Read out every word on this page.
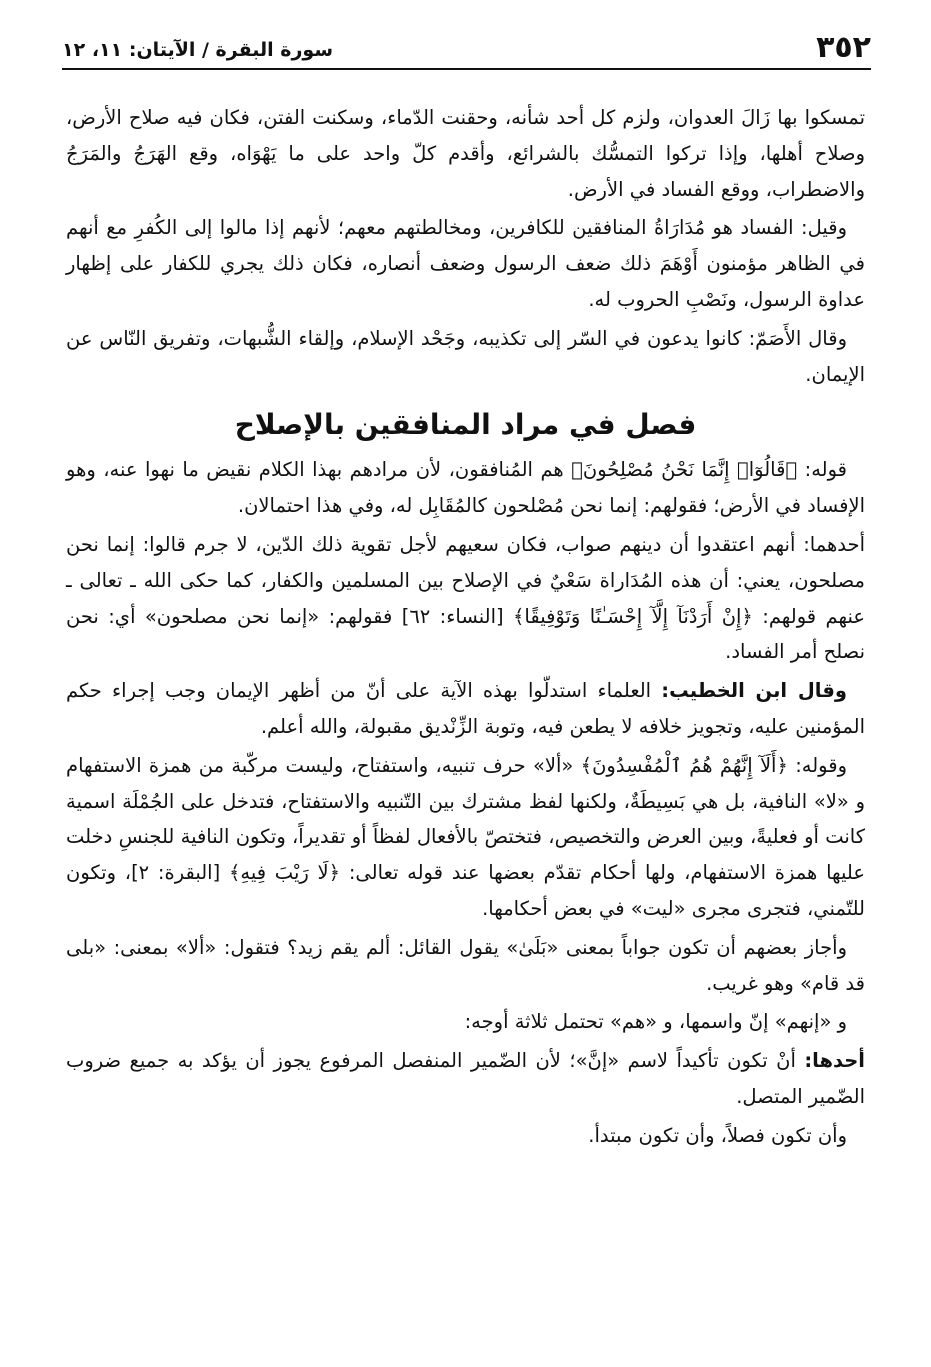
٣٥٢
سورة البقرة / الآيتان: ١١، ١٢

تمسكوا بها زَالَ العدوان، ولزم كل أحد شأنه، وحقنت الدّماء، وسكنت الفتن، فكان فيه صلاح الأرض، وصلاح أهلها، وإذا تركوا التمسُّك بالشرائع، وأقدم كلّ واحد على ما يَهْوَاه، وقع الهَرَجُ والمَرَجُ والاضطراب، ووقع الفساد في الأرض.

وقيل: الفساد هو مُدَارَاةُ المنافقين للكافرين، ومخالطتهم معهم؛ لأنهم إذا مالوا إلى الكُفرِ مع أنهم في الظاهر مؤمنون أَوْهَمَ ذلك ضعف الرسول وضعف أنصاره، فكان ذلك يجري للكفار على إظهار عداوة الرسول، ونَصْبِ الحروب له.

وقال الأَصَمّ: كانوا يدعون في السّر إلى تكذيبه، وجَحْد الإسلام، وإلقاء الشُّبهات، وتفريق النّاس عن الإيمان.

فصل في مراد المنافقين بالإصلاح

قوله: ﴿قَالُوٓا۟ إِنَّمَا نَحْنُ مُصْلِحُونَ﴾ هم المُنافقون، لأن مرادهم بهذا الكلام نقيض ما نهوا عنه، وهو الإفساد في الأرض؛ فقولهم: إنما نحن مُصْلحون كالمُقَابِل له، وفي هذا احتمالان.

أحدهما: أنهم اعتقدوا أن دينهم صواب، فكان سعيهم لأجل تقوية ذلك الدّين، لا جرم قالوا: إنما نحن مصلحون، يعني: أن هذه المُدَاراة سَعْيٌ في الإصلاح بين المسلمين والكفار، كما حكى الله ـ تعالى ـ عنهم قولهم: ﴿إِنْ أَرَدْنَآ إِلَّآ إِحْسَـٰنًا وَتَوْفِيقًا﴾ [النساء: ٦٢] فقولهم: «إنما نحن مصلحون» أي: نحن نصلح أمر الفساد.

وقال ابن الخطيب: العلماء استدلّوا بهذه الآية على أنّ من أظهر الإيمان وجب إجراء حكم المؤمنين عليه، وتجويز خلافه لا يطعن فيه، وتوبة الزِّنْديق مقبولة، والله أعلم.

وقوله: ﴿أَلَآ إِنَّهُمْ هُمُ ٱلْمُفْسِدُونَ﴾ «ألا» حرف تنبيه، واستفتاح، وليست مركّبة من همزة الاستفهام و «لا» النافية، بل هي بَسِيطَةٌ، ولكنها لفظ مشترك بين التّنبيه والاستفتاح، فتدخل على الجُمْلَة اسمية كانت أو فعليةً، وبين العرض والتخصيص، فتختصّ بالأفعال لفظاً أو تقديراً، وتكون النافية للجنسِ دخلت عليها همزة الاستفهام، ولها أحكام تقدّم بعضها عند قوله تعالى: ﴿لَا رَيْبَ فِيهِ﴾ [البقرة: ٢]، وتكون للتّمني، فتجرى مجرى «ليت» في بعض أحكامها.

وأجاز بعضهم أن تكون جواباً بمعنى «بَلَىٰ» يقول القائل: ألم يقم زيد؟ فتقول: «ألا» بمعنى: «بلى قد قام» وهو غريب.

و «إنهم» إنّ واسمها، و «هم» تحتمل ثلاثة أوجه:

أحدها: أنْ تكون تأكيداً لاسم «إنَّ»؛ لأن الضّمير المنفصل المرفوع يجوز أن يؤكد به جميع ضروب الضّمير المتصل.

وأن تكون فصلاً، وأن تكون مبتدأ.
